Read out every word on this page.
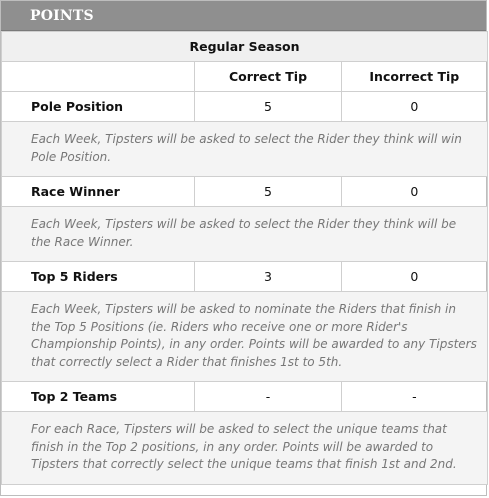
POINTS
Regular Season		
	Correct Tip	Incorrect Tip
Pole Position	5	0
Each Week, Tipsters will be asked to select the Rider they think will win Pole Position.		
Race Winner	5	0
Each Week, Tipsters will be asked to select the Rider they think will be the Race Winner.		
Top 5 Riders	3	0
Each Week, Tipsters will be asked to nominate the Riders that finish in the Top 5 Positions (ie. Riders who receive one or more Rider's Championship Points), in any order. Points will be awarded to any Tipsters that correctly select a Rider that finishes 1st to 5th.		
Top 2 Teams	-	-
For each Race, Tipsters will be asked to select the unique teams that finish in the Top 2 positions, in any order. Points will be awarded to Tipsters that correctly select the unique teams that finish 1st and 2nd.		
